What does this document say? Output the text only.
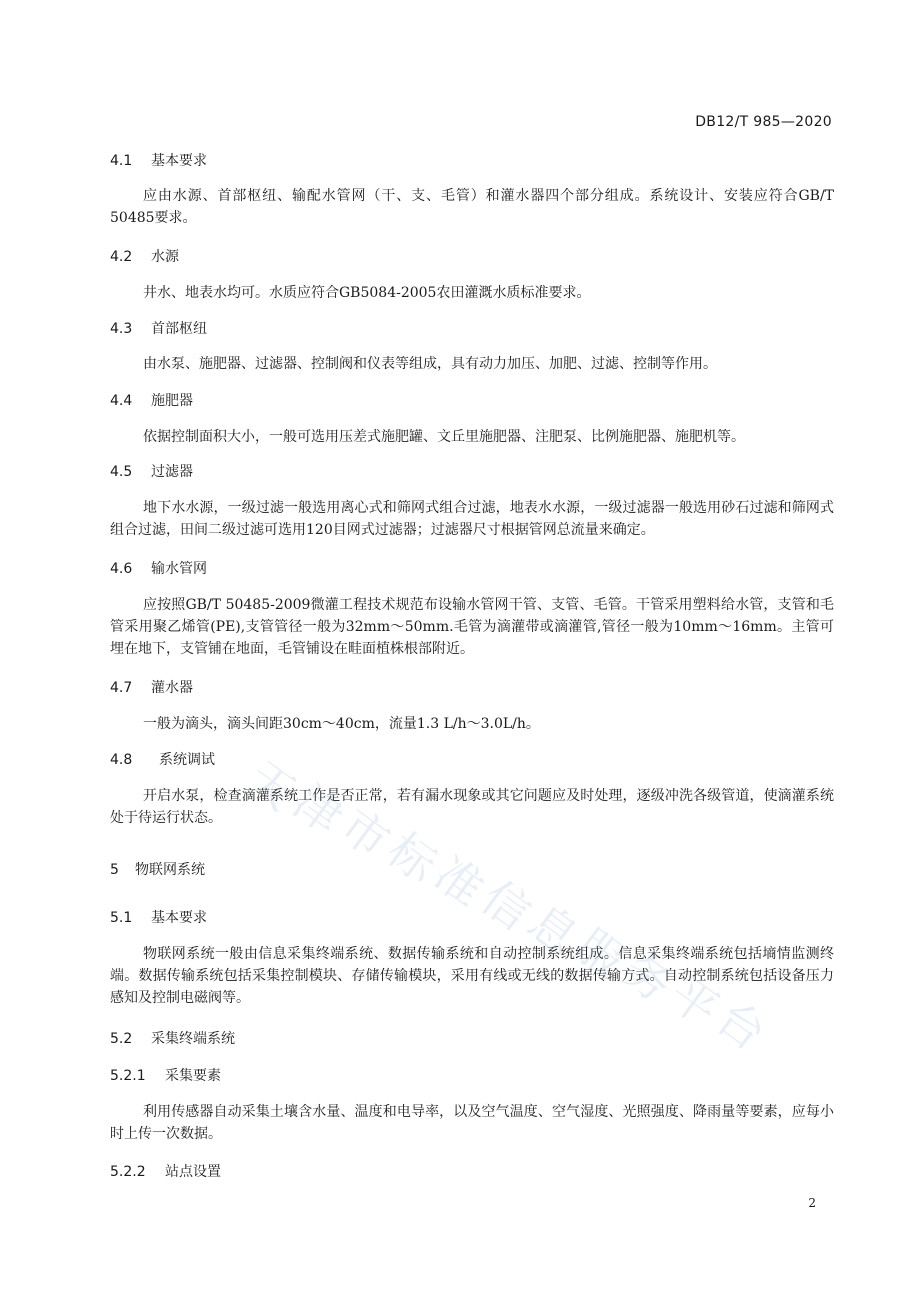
DB12/T 985—2020
4.1 基本要求
应由水源、首部枢纽、输配水管网（干、支、毛管）和灌水器四个部分组成。系统设计、安装应符合GB/T 50485要求。
4.2 水源
井水、地表水均可。水质应符合GB5084-2005农田灌溉水质标准要求。
4.3 首部枢纽
由水泵、施肥器、过滤器、控制阀和仪表等组成，具有动力加压、加肥、过滤、控制等作用。
4.4 施肥器
依据控制面积大小，一般可选用压差式施肥罐、文丘里施肥器、注肥泵、比例施肥器、施肥机等。
4.5 过滤器
地下水水源，一级过滤一般选用离心式和筛网式组合过滤，地表水水源，一级过滤器一般选用砂石过滤和筛网式组合过滤，田间二级过滤可选用120目网式过滤器；过滤器尺寸根据管网总流量来确定。
4.6 输水管网
应按照GB/T 50485-2009微灌工程技术规范布设输水管网干管、支管、毛管。干管采用塑料给水管，支管和毛管采用聚乙烯管(PE),支管管径一般为32mm～50mm.毛管为滴灌带或滴灌管,管径一般为10mm～16mm。主管可埋在地下，支管铺在地面，毛管铺设在畦面植株根部附近。
4.7 灌水器
一般为滴头，滴头间距30cm～40cm，流量1.3 L/h～3.0L/h。
4.8 系统调试
开启水泵，检查滴灌系统工作是否正常，若有漏水现象或其它问题应及时处理，逐级冲洗各级管道，使滴灌系统处于待运行状态。
5 物联网系统
5.1 基本要求
物联网系统一般由信息采集终端系统、数据传输系统和自动控制系统组成。信息采集终端系统包括墒情监测终端。数据传输系统包括采集控制模块、存储传输模块，采用有线或无线的数据传输方式。自动控制系统包括设备压力感知及控制电磁阀等。
5.2 采集终端系统
5.2.1 采集要素
利用传感器自动采集土壤含水量、温度和电导率，以及空气温度、空气湿度、光照强度、降雨量等要素，应每小时上传一次数据。
5.2.2 站点设置
2
天
津
市
标
准
信
息
服
务
平
台
